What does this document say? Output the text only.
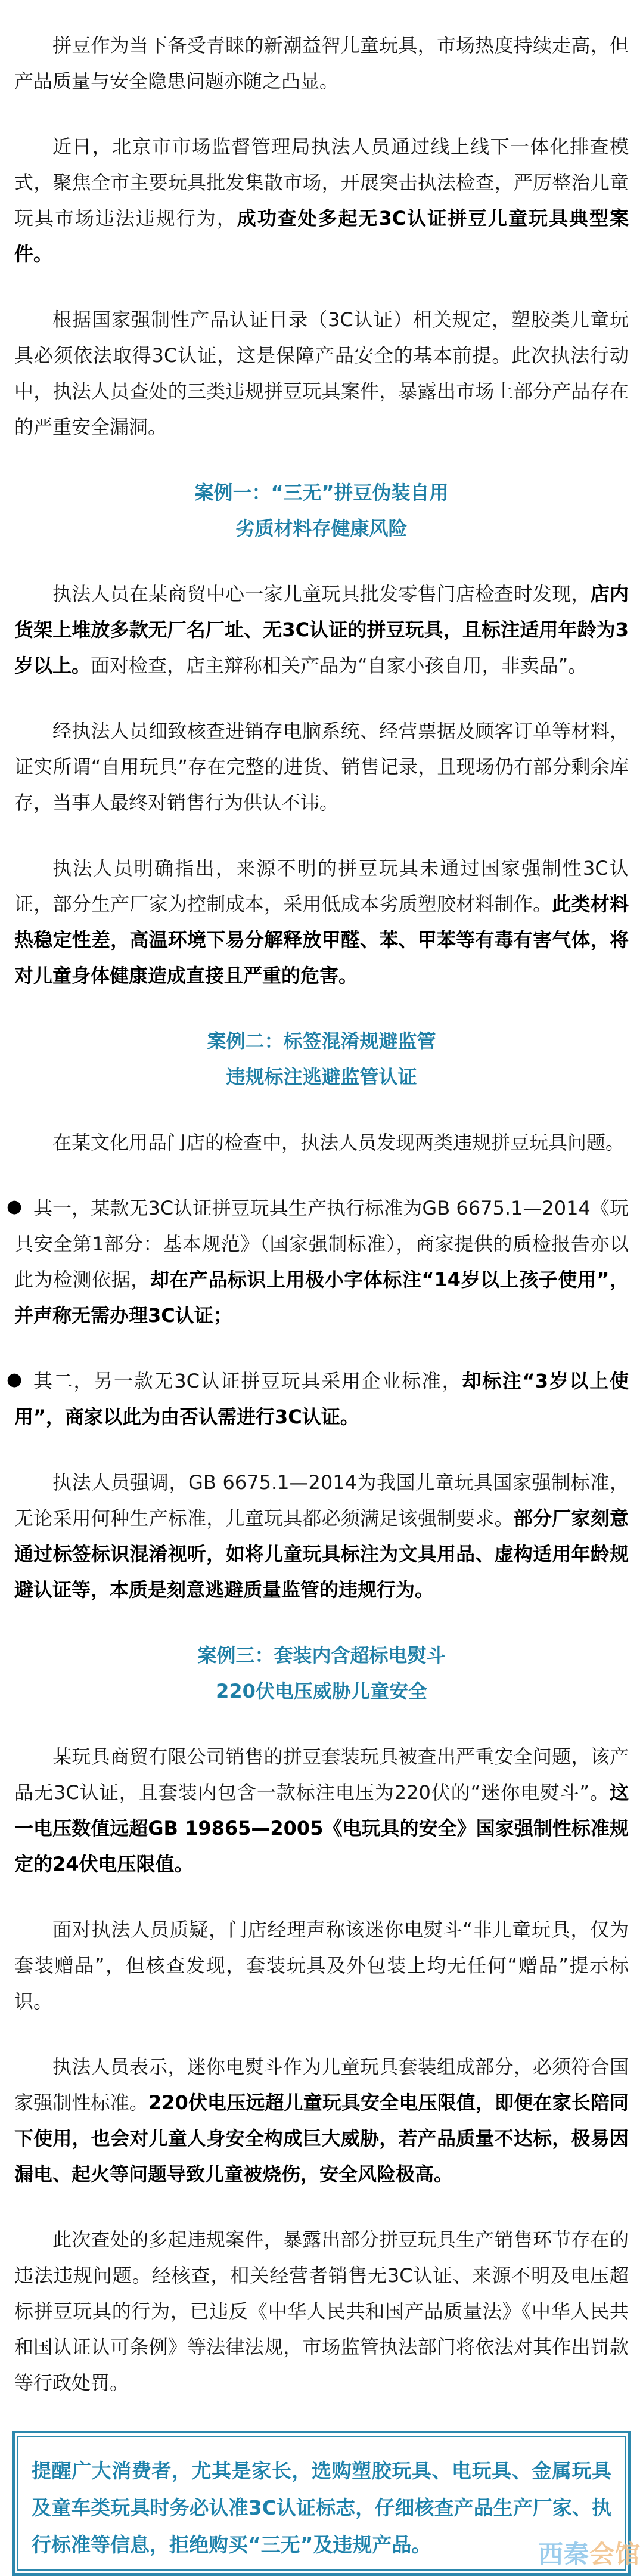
拼豆作为当下备受青睐的新潮益智儿童玩具，市场热度持续走高，但产品质量与安全隐患问题亦随之凸显。

近日，北京市市场监督管理局执法人员通过线上线下一体化排查模式，聚焦全市主要玩具批发集散市场，开展突击执法检查，严厉整治儿童玩具市场违法违规行为，成功查处多起无3C认证拼豆儿童玩具典型案件。

根据国家强制性产品认证目录（3C认证）相关规定，塑胶类儿童玩具必须依法取得3C认证，这是保障产品安全的基本前提。此次执法行动中，执法人员查处的三类违规拼豆玩具案件，暴露出市场上部分产品存在的严重安全漏洞。

案例一：“三无”拼豆伪装自用
劣质材料存健康风险

执法人员在某商贸中心一家儿童玩具批发零售门店检查时发现，店内货架上堆放多款无厂名厂址、无3C认证的拼豆玩具，且标注适用年龄为3岁以上。面对检查，店主辩称相关产品为“自家小孩自用，非卖品”。

经执法人员细致核查进销存电脑系统、经营票据及顾客订单等材料，证实所谓“自用玩具”存在完整的进货、销售记录，且现场仍有部分剩余库存，当事人最终对销售行为供认不讳。

执法人员明确指出，来源不明的拼豆玩具未通过国家强制性3C认证，部分生产厂家为控制成本，采用低成本劣质塑胶材料制作。此类材料热稳定性差，高温环境下易分解释放甲醛、苯、甲苯等有毒有害气体，将对儿童身体健康造成直接且严重的危害。

案例二：标签混淆规避监管
违规标注逃避监管认证

在某文化用品门店的检查中，执法人员发现两类违规拼豆玩具问题。

● 其一，某款无3C认证拼豆玩具生产执行标准为GB 6675.1—2014《玩具安全第1部分：基本规范》（国家强制标准），商家提供的质检报告亦以此为检测依据，却在产品标识上用极小字体标注“14岁以上孩子使用”，并声称无需办理3C认证；

● 其二，另一款无3C认证拼豆玩具采用企业标准，却标注“3岁以上使用”，商家以此为由否认需进行3C认证。

执法人员强调，GB 6675.1—2014为我国儿童玩具国家强制标准，无论采用何种生产标准，儿童玩具都必须满足该强制要求。部分厂家刻意通过标签标识混淆视听，如将儿童玩具标注为文具用品、虚构适用年龄规避认证等，本质是刻意逃避质量监管的违规行为。

案例三：套装内含超标电熨斗
220伏电压威胁儿童安全

某玩具商贸有限公司销售的拼豆套装玩具被查出严重安全问题，该产品无3C认证，且套装内包含一款标注电压为220伏的“迷你电熨斗”。这一电压数值远超GB 19865—2005《电玩具的安全》国家强制性标准规定的24伏电压限值。

面对执法人员质疑，门店经理声称该迷你电熨斗“非儿童玩具，仅为套装赠品”，但核查发现，套装玩具及外包装上均无任何“赠品”提示标识。

执法人员表示，迷你电熨斗作为儿童玩具套装组成部分，必须符合国家强制性标准。220伏电压远超儿童玩具安全电压限值，即便在家长陪同下使用，也会对儿童人身安全构成巨大威胁，若产品质量不达标，极易因漏电、起火等问题导致儿童被烧伤，安全风险极高。

此次查处的多起违规案件，暴露出部分拼豆玩具生产销售环节存在的违法违规问题。经核查，相关经营者销售无3C认证、来源不明及电压超标拼豆玩具的行为，已违反《中华人民共和国产品质量法》《中华人民共和国认证认可条例》等法律法规，市场监管执法部门将依法对其作出罚款等行政处罚。

提醒广大消费者，尤其是家长，选购塑胶玩具、电玩具、金属玩具及童车类玩具时务必认准3C认证标志，仔细核查产品生产厂家、执行标准等信息，拒绝购买“三无”及违规产品。	西秦会馆
